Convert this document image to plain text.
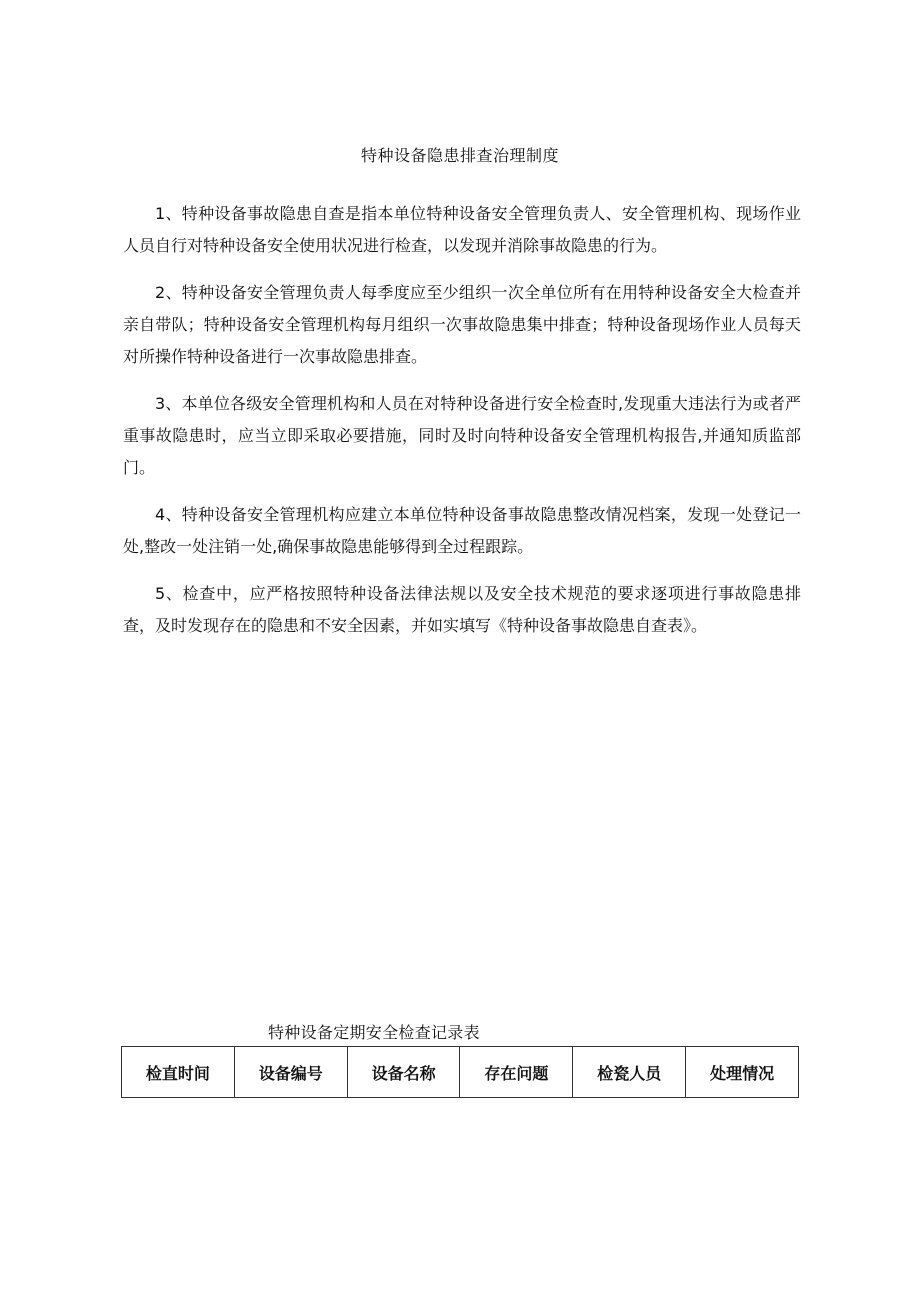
特种设备隐患排查治理制度

1、特种设备事故隐患自查是指本单位特种设备安全管理负责人、安全管理机构、现场作业人员自行对特种设备安全使用状况进行检查，以发现并消除事故隐患的行为。

2、特种设备安全管理负责人每季度应至少组织一次全单位所有在用特种设备安全大检查并亲自带队；特种设备安全管理机构每月组织一次事故隐患集中排查；特种设备现场作业人员每天对所操作特种设备进行一次事故隐患排查。

3、本单位各级安全管理机构和人员在对特种设备进行安全检查时,发现重大违法行为或者严重事故隐患时，应当立即采取必要措施，同时及时向特种设备安全管理机构报告,并通知质监部门。

4、特种设备安全管理机构应建立本单位特种设备事故隐患整改情况档案，发现一处登记一处,整改一处注销一处,确保事故隐患能够得到全过程跟踪。

5、检查中，应严格按照特种设备法律法规以及安全技术规范的要求逐项进行事故隐患排查，及时发现存在的隐患和不安全因素，并如实填写《特种设备事故隐患自查表》。

特种设备定期安全检查记录表
检直时间	设备编号	设备名称	存在问题	检瓷人员	处理情况
